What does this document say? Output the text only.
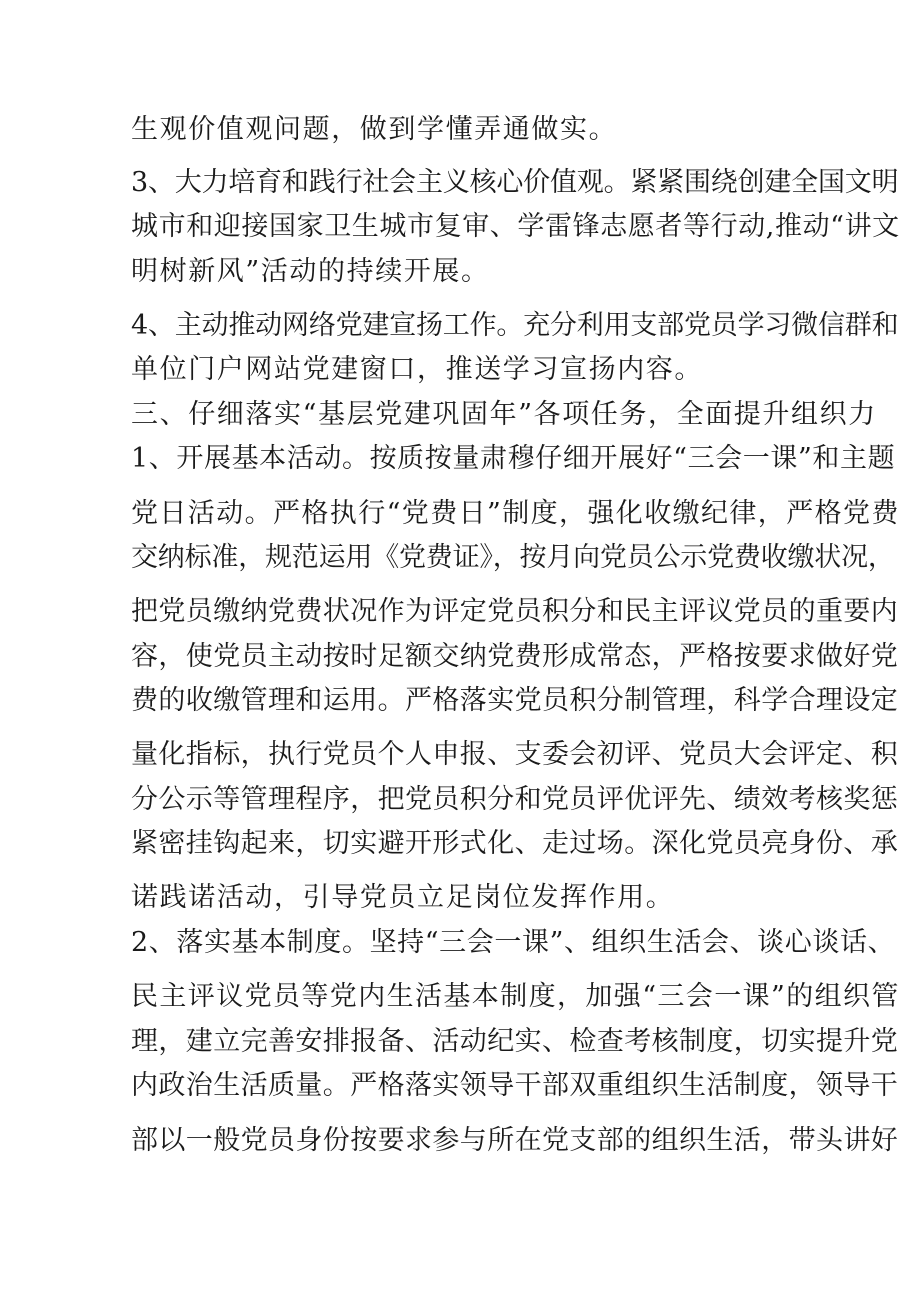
生观价值观问题，做到学懂弄通做实。

3、大力培育和践行社会主义核心价值观。紧紧围绕创建全国文明

城市和迎接国家卫生城市复审、学雷锋志愿者等行动,推动“讲文

明树新风”活动的持续开展。

4、主动推动网络党建宣扬工作。充分利用支部党员学习微信群和

单位门户网站党建窗口，推送学习宣扬内容。

三、仔细落实“基层党建巩固年”各项任务，全面提升组织力

1、开展基本活动。按质按量肃穆仔细开展好“三会一课”和主题

党日活动。严格执行“党费日”制度，强化收缴纪律，严格党费

交纳标准，规范运用《党费证》，按月向党员公示党费收缴状况，

把党员缴纳党费状况作为评定党员积分和民主评议党员的重要内

容，使党员主动按时足额交纳党费形成常态，严格按要求做好党

费的收缴管理和运用。严格落实党员积分制管理，科学合理设定

量化指标，执行党员个人申报、支委会初评、党员大会评定、积

分公示等管理程序，把党员积分和党员评优评先、绩效考核奖惩

紧密挂钩起来，切实避开形式化、走过场。深化党员亮身份、承

诺践诺活动，引导党员立足岗位发挥作用。

2、落实基本制度。坚持“三会一课”、组织生活会、谈心谈话、

民主评议党员等党内生活基本制度，加强“三会一课”的组织管

理，建立完善安排报备、活动纪实、检查考核制度，切实提升党

内政治生活质量。严格落实领导干部双重组织生活制度，领导干

部以一般党员身份按要求参与所在党支部的组织生活，带头讲好
